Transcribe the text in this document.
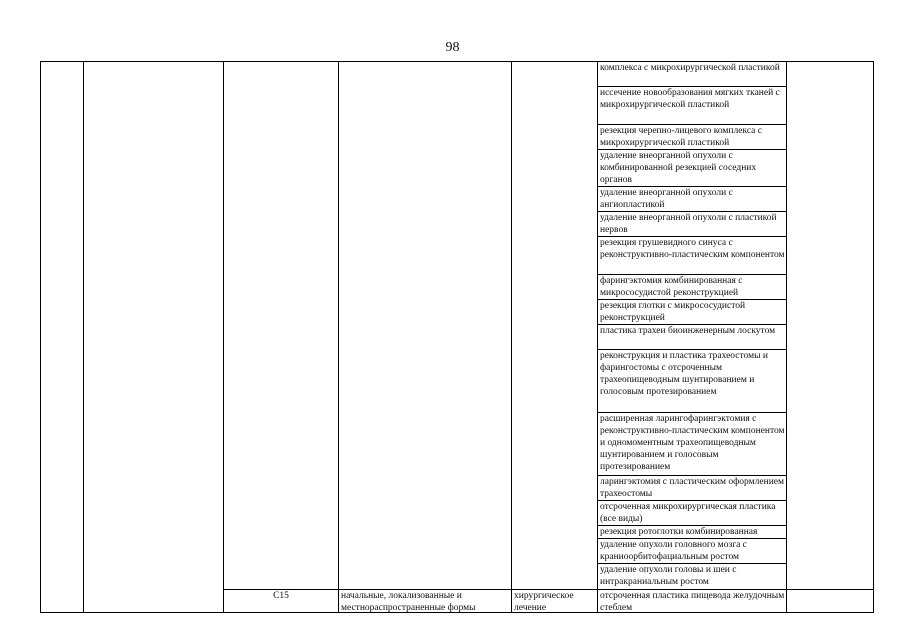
98
комплекса с микрохирургической пластикой
иссечение новообразования мягких тканей с микрохирургической пластикой
резекция черепно-лицевого комплекса с микрохирургической пластикой
удаление внеорганной опухоли с комбинированной резекцией соседних органов
удаление внеорганной опухоли с ангиопластикой
удаление внеорганной опухоли с пластикой нервов
резекция грушевидного синуса с реконструктивно-пластическим компонентом
фарингэктомия комбинированная с микрососудистой реконструкцией
резекция глотки с микрососудистой реконструкцией
пластика трахеи биоинженерным лоскутом
реконструкция и пластика трахеостомы и фарингостомы с отсроченным трахеопищеводным шунтированием и голосовым протезированием
расширенная ларингофарингэктомия с реконструктивно-пластическим компонентом и одномоментным трахеопищеводным шунтированием и голосовым протезированием
ларингэктомия с пластическим оформлением трахеостомы
отсроченная микрохирургическая пластика (все виды)
резекция ротоглотки комбинированная
удаление опухоли головного мозга с краниоорбитофациальным ростом
удаление опухоли головы и шеи с интракраниальным ростом
С15	начальные, локализованные и местнораспространенные формы
хирургическое лечение
отсроченная пластика пищевода желудочным стеблем
